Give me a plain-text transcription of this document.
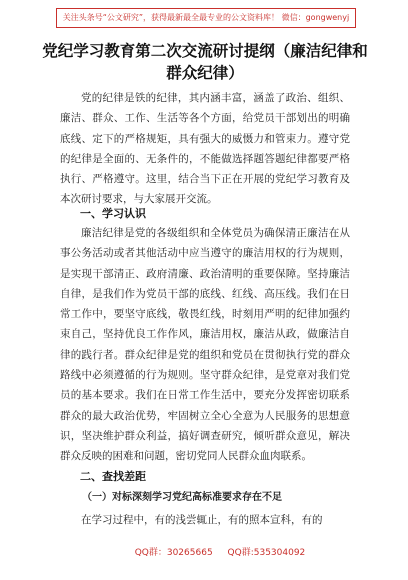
关注头条号“公文研究”，获得最新最全最专业的公文资料库！ 微信：gongwenyj
党纪学习教育第二次交流研讨提纲（廉洁纪律和群众纪律）

党的纪律是铁的纪律，其内涵丰富，涵盖了政治、组织、廉洁、群众、工作、生活等各个方面，给党员干部划出的明确底线、定下的严格规矩，具有强大的威慑力和管束力。遵守党的纪律是全面的、无条件的，不能做选择题答题纪律都要严格执行、严格遵守。这里，结合当下正在开展的党纪学习教育及本次研讨要求，与大家展开交流。

一、学习认识

廉洁纪律是党的各级组织和全体党员为确保清正廉洁在从事公务活动或者其他活动中应当遵守的廉洁用权的行为规则，是实现干部清正、政府清廉、政治清明的重要保障。坚持廉洁自律，是我们作为党员干部的底线、红线、高压线。我们在日常工作中，要坚守底线，敬畏红线，时刻用严明的纪律加强约束自己，坚持优良工作作风，廉洁用权，廉洁从政，做廉洁自律的践行者。群众纪律是党的组织和党员在贯彻执行党的群众路线中必须遵循的行为规则。坚守群众纪律，是党章对我们党员的基本要求。我们在日常工作生活中，要充分发挥密切联系群众的最大政治优势，牢固树立全心全意为人民服务的思想意识，坚决维护群众利益，搞好调查研究，倾听群众意见，解决群众反映的困难和问题，密切党同人民群众血肉联系。

二、查找差距
（一）对标深刻学习党纪高标准要求存在不足

在学习过程中，有的浅尝辄止，有的照本宣科，有的

QQ群：30265665 QQ群:535304092
